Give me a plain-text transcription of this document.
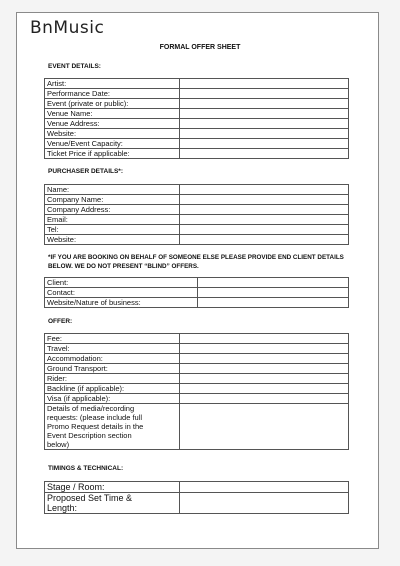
BnMusic
FORMAL OFFER SHEET
EVENT DETAILS:
Artist:	
Performance Date:	
Event (private or public):	
Venue Name:	
Venue Address:	
Website:	
Venue/Event Capacity:	
Ticket Price if applicable:	
PURCHASER DETAILS*:
Name:	
Company Name:	
Company Address:	
Email:	
Tel:	
Website:	
*IF YOU ARE BOOKING ON BEHALF OF SOMEONE ELSE PLEASE PROVIDE END CLIENT DETAILS BELOW. WE DO NOT PRESENT “BLIND” OFFERS.
Client:	
Contact:	
Website/Nature of business:	
OFFER:
Fee:	
Travel:	
Accommodation:	
Ground Transport:	
Rider:	
Backline (if applicable):	
Visa (if applicable):	

Details of media/recording
requests: (please include full
Promo Request details in the
Event Description section
below)	

TIMINGS & TECHNICAL:
Stage / Room:	

Proposed Set Time &
Length:	
